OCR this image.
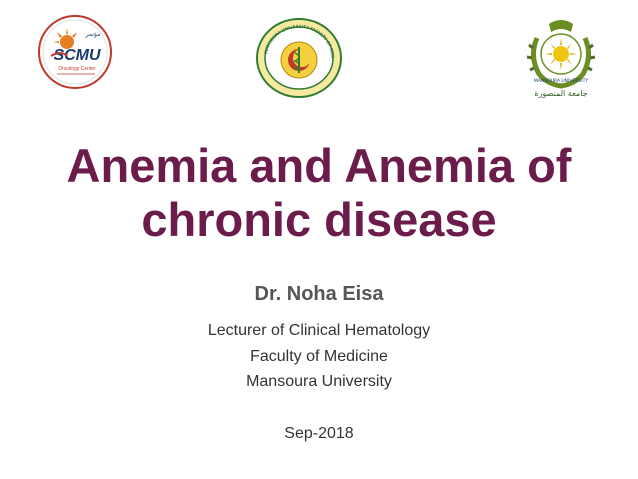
مؤتمر
SCMU
Oncology Center
MANSOURA UNIVERSITY FACULTY OF MED
MANSOURA UNIVERSITY
جامعة المنصورة
Anemia and Anemia of
chronic disease
Dr. Noha Eisa
Lecturer of Clinical Hematology
Faculty of Medicine
Mansoura University
Sep-2018
